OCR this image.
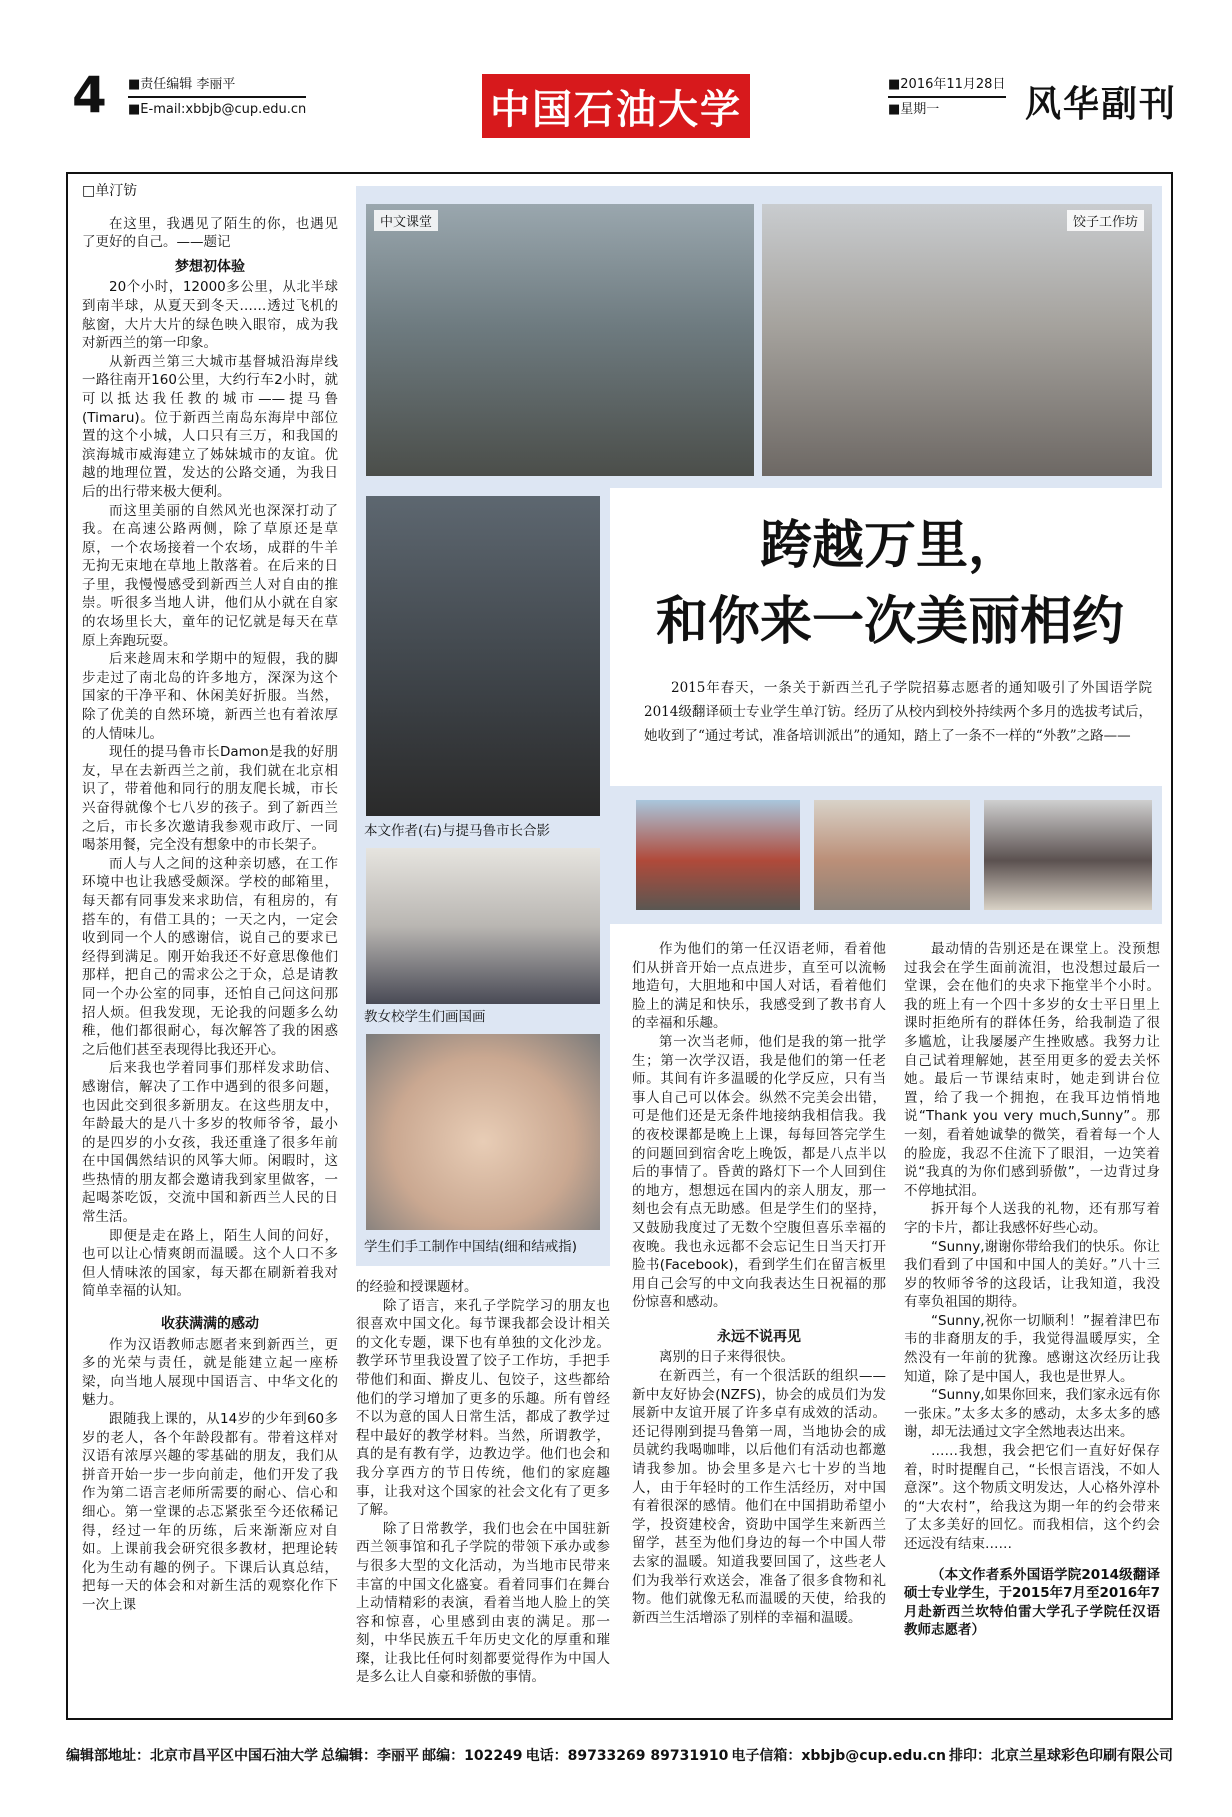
4 ■责任编辑 李丽平
■E-mail:xbbjb@cup.edu.cn	中国石油大学
■2016年11月28日
■星期一 风华副刊
□单汀钫

在这里，我遇见了陌生的你，也遇见了更好的自己。——题记

梦想初体验

20个小时，12000多公里，从北半球到南半球，从夏天到冬天……透过飞机的舷窗，大片大片的绿色映入眼帘，成为我对新西兰的第一印象。

从新西兰第三大城市基督城沿海岸线一路往南开160公里，大约行车2小时，就可以抵达我任教的城市——提马鲁(Timaru)。位于新西兰南岛东海岸中部位置的这个小城，人口只有三万，和我国的滨海城市威海建立了姊妹城市的友谊。优越的地理位置，发达的公路交通，为我日后的出行带来极大便利。

而这里美丽的自然风光也深深打动了我。在高速公路两侧，除了草原还是草原，一个农场接着一个农场，成群的牛羊无拘无束地在草地上散落着。在后来的日子里，我慢慢感受到新西兰人对自由的推崇。听很多当地人讲，他们从小就在自家的农场里长大，童年的记忆就是每天在草原上奔跑玩耍。

后来趁周末和学期中的短假，我的脚步走过了南北岛的许多地方，深深为这个国家的干净平和、休闲美好折服。当然，除了优美的自然环境，新西兰也有着浓厚的人情味儿。

现任的提马鲁市长Damon是我的好朋友，早在去新西兰之前，我们就在北京相识了，带着他和同行的朋友爬长城，市长兴奋得就像个七八岁的孩子。到了新西兰之后，市长多次邀请我参观市政厅、一同喝茶用餐，完全没有想象中的市长架子。

而人与人之间的这种亲切感，在工作环境中也让我感受颇深。学校的邮箱里，每天都有同事发来求助信，有租房的，有搭车的，有借工具的；一天之内，一定会收到同一个人的感谢信，说自己的要求已经得到满足。刚开始我还不好意思像他们那样，把自己的需求公之于众，总是请教同一个办公室的同事，还怕自己问这问那招人烦。但我发现，无论我的问题多么幼稚，他们都很耐心，每次解答了我的困惑之后他们甚至表现得比我还开心。

后来我也学着同事们那样发求助信、感谢信，解决了工作中遇到的很多问题，也因此交到很多新朋友。在这些朋友中，年龄最大的是八十多岁的牧师爷爷，最小的是四岁的小女孩，我还重逢了很多年前在中国偶然结识的风筝大师。闲暇时，这些热情的朋友都会邀请我到家里做客，一起喝茶吃饭，交流中国和新西兰人民的日常生活。

即便是走在路上，陌生人间的问好，也可以让心情爽朗而温暖。这个人口不多但人情味浓的国家，每天都在刷新着我对简单幸福的认知。

收获满满的感动

作为汉语教师志愿者来到新西兰，更多的光荣与责任，就是能建立起一座桥梁，向当地人展现中国语言、中华文化的魅力。

跟随我上课的，从14岁的少年到60多岁的老人，各个年龄段都有。带着这样对汉语有浓厚兴趣的零基础的朋友，我们从拼音开始一步一步向前走，他们开发了我作为第二语言老师所需要的耐心、信心和细心。第一堂课的忐忑紧张至今还依稀记得，经过一年的历练，后来渐渐应对自如。上课前我会研究很多教材，把理论转化为生动有趣的例子。下课后认真总结，把每一天的体会和对新生活的观察化作下一次上课

中文课堂	饺子工作坊
本文作者(右)与提马鲁市长合影
教女校学生们画国画
学生们手工制作中国结(细和结戒指)
跨越万里，
和你来一次美丽相约
2015年春天，一条关于新西兰孔子学院招募志愿者的通知吸引了外国语学院2014级翻译硕士专业学生单汀钫。经历了从校内到校外持续两个多月的选拔考试后，她收到了“通过考试，准备培训派出”的通知，踏上了一条不一样的“外教”之路——

的经验和授课题材。

除了语言，来孔子学院学习的朋友也很喜欢中国文化。每节课我都会设计相关的文化专题，课下也有单独的文化沙龙。教学环节里我设置了饺子工作坊，手把手带他们和面、擀皮儿、包饺子，这些都给他们的学习增加了更多的乐趣。所有曾经不以为意的国人日常生活，都成了教学过程中最好的教学材料。当然，所谓教学，真的是有教有学，边教边学。他们也会和我分享西方的节日传统，他们的家庭趣事，让我对这个国家的社会文化有了更多了解。

除了日常教学，我们也会在中国驻新西兰领事馆和孔子学院的带领下承办或参与很多大型的文化活动，为当地市民带来丰富的中国文化盛宴。看着同事们在舞台上动情精彩的表演，看着当地人脸上的笑容和惊喜，心里感到由衷的满足。那一刻，中华民族五千年历史文化的厚重和璀璨，让我比任何时刻都要觉得作为中国人是多么让人自豪和骄傲的事情。

作为他们的第一任汉语老师，看着他们从拼音开始一点点进步，直至可以流畅地造句，大胆地和中国人对话，看着他们脸上的满足和快乐，我感受到了教书育人的幸福和乐趣。

第一次当老师，他们是我的第一批学生；第一次学汉语，我是他们的第一任老师。其间有许多温暖的化学反应，只有当事人自己可以体会。纵然不完美会出错，可是他们还是无条件地接纳我相信我。我的夜校课都是晚上上课，每每回答完学生的问题回到宿舍吃上晚饭，都是八点半以后的事情了。昏黄的路灯下一个人回到住的地方，想想远在国内的亲人朋友，那一刻也会有点无助感。但是学生们的坚持，又鼓励我度过了无数个空腹但喜乐幸福的夜晚。我也永远都不会忘记生日当天打开脸书(Facebook)，看到学生们在留言板里用自己会写的中文向我表达生日祝福的那份惊喜和感动。

永远不说再见

离别的日子来得很快。

在新西兰，有一个很活跃的组织——新中友好协会(NZFS)，协会的成员们为发展新中友谊开展了许多卓有成效的活动。还记得刚到提马鲁第一周，当地协会的成员就约我喝咖啡，以后他们有活动也都邀请我参加。协会里多是六七十岁的当地人，由于年轻时的工作生活经历，对中国有着很深的感情。他们在中国捐助希望小学，投资建校舍，资助中国学生来新西兰留学，甚至为他们身边的每一个中国人带去家的温暖。知道我要回国了，这些老人们为我举行欢送会，准备了很多食物和礼物。他们就像无私而温暖的天使，给我的新西兰生活增添了别样的幸福和温暖。

最动情的告别还是在课堂上。没预想过我会在学生面前流泪，也没想过最后一堂课，会在他们的央求下拖堂半个小时。我的班上有一个四十多岁的女士平日里上课时拒绝所有的群体任务，给我制造了很多尴尬，让我屡屡产生挫败感。我努力让自己试着理解她，甚至用更多的爱去关怀她。最后一节课结束时，她走到讲台位置，给了我一个拥抱，在我耳边悄悄地说“Thank you very much,Sunny”。那一刻，看着她诚挚的微笑，看着每一个人的脸庞，我忍不住流下了眼泪，一边笑着说“我真的为你们感到骄傲”，一边背过身不停地拭泪。

拆开每个人送我的礼物，还有那写着字的卡片，都让我感怀好些心动。

“Sunny,谢谢你带给我们的快乐。你让我们看到了中国和中国人的美好。”八十三岁的牧师爷爷的这段话，让我知道，我没有辜负祖国的期待。

“Sunny,祝你一切顺利！”握着津巴布韦的非裔朋友的手，我觉得温暖厚实，全然没有一年前的犹豫。感谢这次经历让我知道，除了是中国人，我也是世界人。

“Sunny,如果你回来，我们家永远有你一张床。”太多太多的感动，太多太多的感谢，却无法通过文字全然地表达出来。

……我想，我会把它们一直好好保存着，时时提醒自己，“长恨言语浅，不如人意深”。这个物质文明发达，人心格外淳朴的“大农村”，给我这为期一年的约会带来了太多美好的回忆。而我相信，这个约会还远没有结束……

（本文作者系外国语学院2014级翻译硕士专业学生，于2015年7月至2016年7月赴新西兰坎特伯雷大学孔子学院任汉语教师志愿者）

编辑部地址：北京市昌平区中国石油大学 总编辑：李丽平 邮编：102249 电话：89733269 89731910 电子信箱：xbbjb@cup.edu.cn 排印：北京兰星球彩色印刷有限公司
